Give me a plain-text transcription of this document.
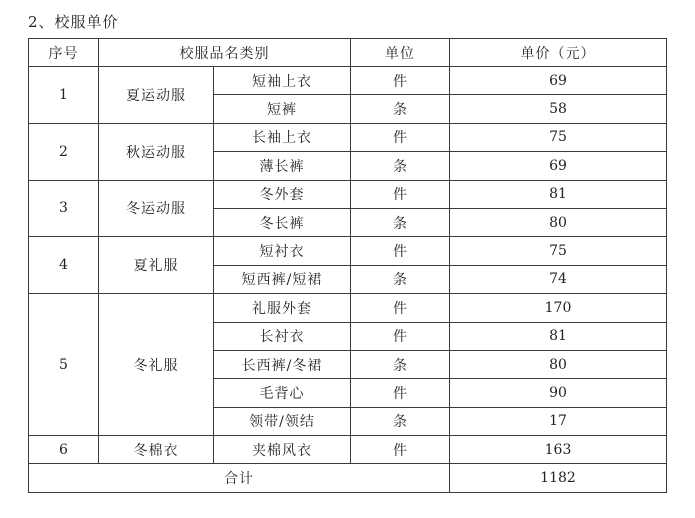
2、校服单价
序号	校服品名类别		单位	单价（元）
1	夏运动服	短袖上衣	件	69
		短裤	条	58
2	秋运动服	长袖上衣	件	75
		薄长裤	条	69
3	冬运动服	冬外套	件	81
		冬长裤	条	80
4	夏礼服	短衬衣	件	75
		短西裤/短裙	条	74
5	冬礼服	礼服外套	件	170
		长衬衣	件	81
		长西裤/冬裙	条	80
		毛背心	件	90
		领带/领结	条	17
6	冬棉衣	夹棉风衣	件	163
合计				1182
